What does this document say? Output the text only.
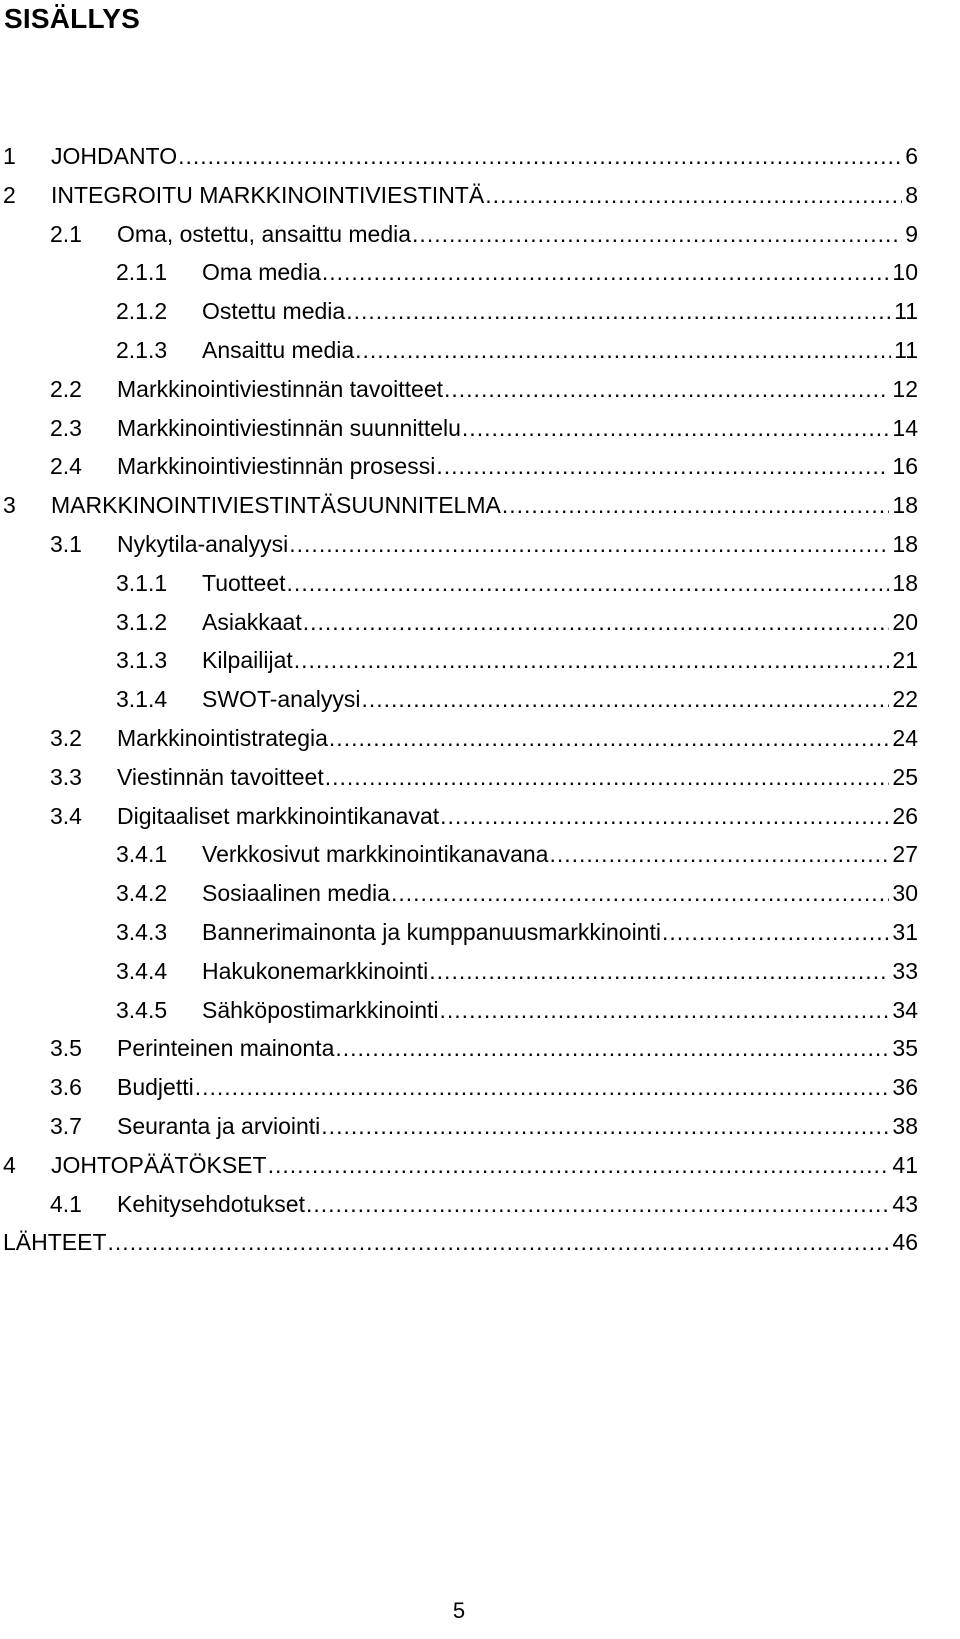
SISÄLLYS
1	JOHDANTO .....	6
2	INTEGROITU MARKKINOINTIVIESTINTÄ .....	8
2.1	Oma, ostettu, ansaittu media .....	9
2.1.1	Oma media .....	10
2.1.2	Ostettu media .....	11
2.1.3	Ansaittu media .....	11
2.2	Markkinointiviestinnän tavoitteet .....	12
2.3	Markkinointiviestinnän suunnittelu .....	14
2.4	Markkinointiviestinnän prosessi .....	16
3	MARKKINOINTIVIESTINTÄSUUNNITELMA .....	18
3.1	Nykytila-analyysi .....	18
3.1.1	Tuotteet .....	18
3.1.2	Asiakkaat .....	20
3.1.3	Kilpailijat .....	21
3.1.4	SWOT-analyysi .....	22
3.2	Markkinointistrategia .....	24
3.3	Viestinnän tavoitteet .....	25
3.4	Digitaaliset markkinointikanavat .....	26
3.4.1	Verkkosivut markkinointikanavana .....	27
3.4.2	Sosiaalinen media .....	30
3.4.3	Bannerimainonta ja kumppanuusmarkkinointi .....	31
3.4.4	Hakukonemarkkinointi .....	33
3.4.5	Sähköpostimarkkinointi .....	34
3.5	Perinteinen mainonta .....	35
3.6	Budjetti .....	36
3.7	Seuranta ja arviointi .....	38
4	JOHTOPÄÄTÖKSET .....	41
4.1	Kehitysehdotukset .....	43
LÄHTEET .....	46
5
